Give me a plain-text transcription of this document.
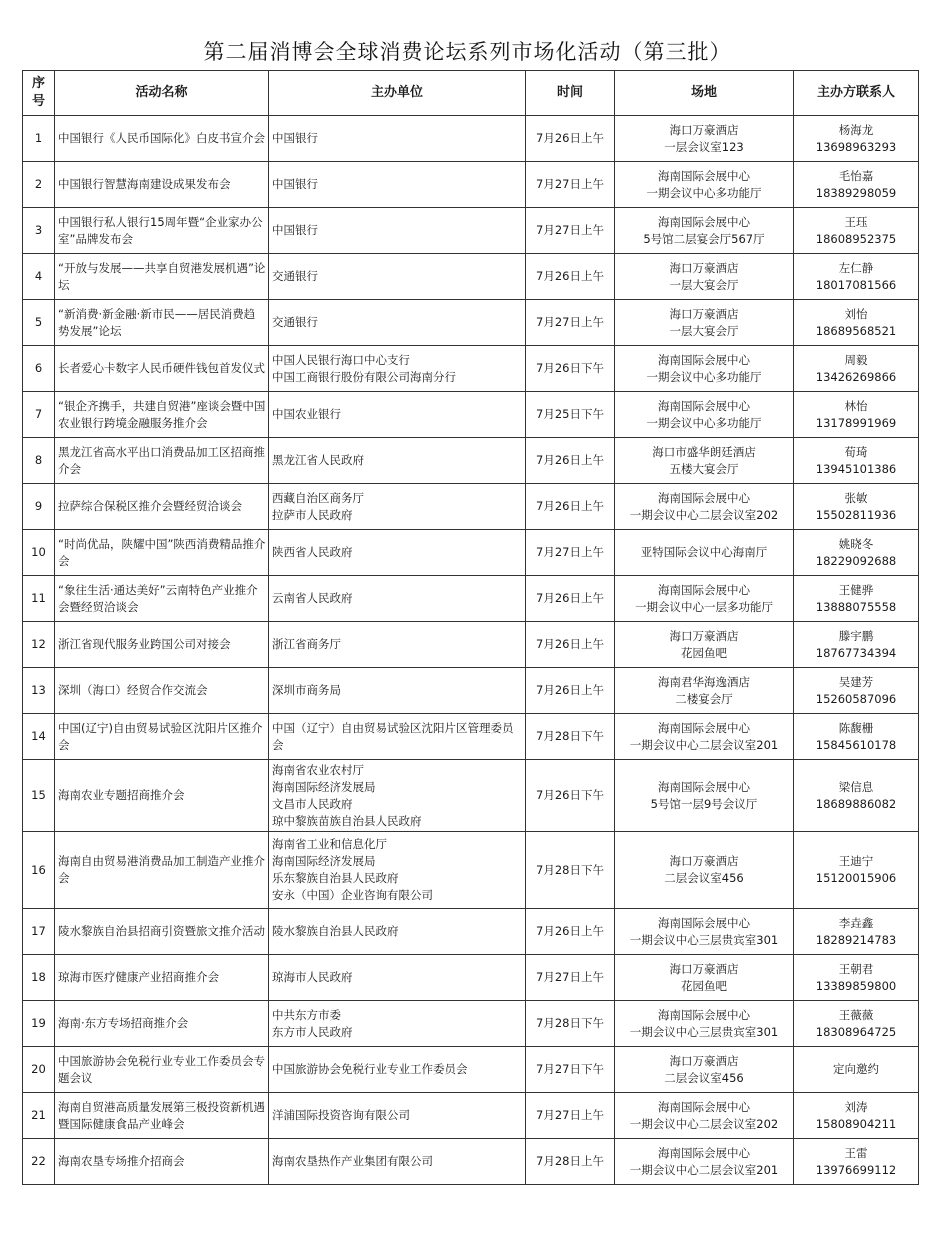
第二届消博会全球消费论坛系列市场化活动（第三批）
序号	活动名称	主办单位	时间	场地	主办方联系人
1	中国银行《人民币国际化》白皮书宣介会	中国银行	7月26日上午	海口万豪酒店
一层会议室123	杨海龙
13698963293

2	中国银行智慧海南建设成果发布会	中国银行	7月27日上午	海南国际会展中心
一期会议中心多功能厅	毛怡嘉
18389298059

3	中国银行私人银行15周年暨“企业家办公室”品牌发布会	中国银行	7月27日上午	海南国际会展中心
5号馆二层宴会厅567厅	王珏
18608952375

4	“开放与发展——共享自贸港发展机遇”论坛	交通银行	7月26日上午	海口万豪酒店
一层大宴会厅	左仁静
18017081566

5	“新消费·新金融·新市民——居民消费趋势发展”论坛	交通银行	7月27日上午	海口万豪酒店
一层大宴会厅	刘怡
18689568521

6	长者爱心卡数字人民币硬件钱包首发仪式	中国人民银行海口中心支行
中国工商银行股份有限公司海南分行	7月26日下午	海南国际会展中心
一期会议中心多功能厅	周毅
13426269866

7	“银企齐携手，共建自贸港”座谈会暨中国农业银行跨境金融服务推介会	中国农业银行	7月25日下午	海南国际会展中心
一期会议中心多功能厅	林怡
13178991969

8	黑龙江省高水平出口消费品加工区招商推介会	黑龙江省人民政府	7月26日上午	海口市盛华朗廷酒店
五楼大宴会厅	荀琦
13945101386

9	拉萨综合保税区推介会暨经贸洽谈会	西藏自治区商务厅
拉萨市人民政府	7月26日上午	海南国际会展中心
一期会议中心二层会议室202	张敏
15502811936

10	“时尚优品，陕耀中国”陕西消费精品推介会	陕西省人民政府	7月27日上午	亚特国际会议中心海南厅	姚晓冬
18229092688

11	“象往生活·通达美好”云南特色产业推介会暨经贸洽谈会	云南省人民政府	7月26日上午	海南国际会展中心
一期会议中心一层多功能厅	王健骅
13888075558

12	浙江省现代服务业跨国公司对接会	浙江省商务厅	7月26日上午	海口万豪酒店
花园鱼吧	滕宇鹏
18767734394

13	深圳（海口）经贸合作交流会	深圳市商务局	7月26日上午	海南君华海逸酒店
二楼宴会厅	吴建芳
15260587096

14	中国(辽宁)自由贸易试验区沈阳片区推介会	中国（辽宁）自由贸易试验区沈阳片区管理委员会	7月28日下午	海南国际会展中心
一期会议中心二层会议室201	陈馥栅
15845610178

15	海南农业专题招商推介会	海南省农业农村厅
海南国际经济发展局
文昌市人民政府
琼中黎族苗族自治县人民政府	7月26日下午	海南国际会展中心
5号馆一层9号会议厅	梁信息
18689886082

16	海南自由贸易港消费品加工制造产业推介会	海南省工业和信息化厅
海南国际经济发展局
乐东黎族自治县人民政府
安永（中国）企业咨询有限公司	7月28日下午	海口万豪酒店
二层会议室456	王迪宁
15120015906

17	陵水黎族自治县招商引资暨旅文推介活动	陵水黎族自治县人民政府	7月26日上午	海南国际会展中心
一期会议中心三层贵宾室301	李垚鑫
18289214783

18	琼海市医疗健康产业招商推介会	琼海市人民政府	7月27日上午	海口万豪酒店
花园鱼吧	王朝君
13389859800

19	海南·东方专场招商推介会	中共东方市委
东方市人民政府	7月28日下午	海南国际会展中心
一期会议中心三层贵宾室301	王薇薇
18308964725

20	中国旅游协会免税行业专业工作委员会专题会议	中国旅游协会免税行业专业工作委员会	7月27日下午	海口万豪酒店
二层会议室456	定向邀约

21	海南自贸港高质量发展第三极投资新机遇暨国际健康食品产业峰会	洋浦国际投资咨询有限公司	7月27日上午	海南国际会展中心
一期会议中心二层会议室202	刘涛
15808904211

22	海南农垦专场推介招商会	海南农垦热作产业集团有限公司	7月28日上午	海南国际会展中心
一期会议中心二层会议室201	王雷
13976699112
